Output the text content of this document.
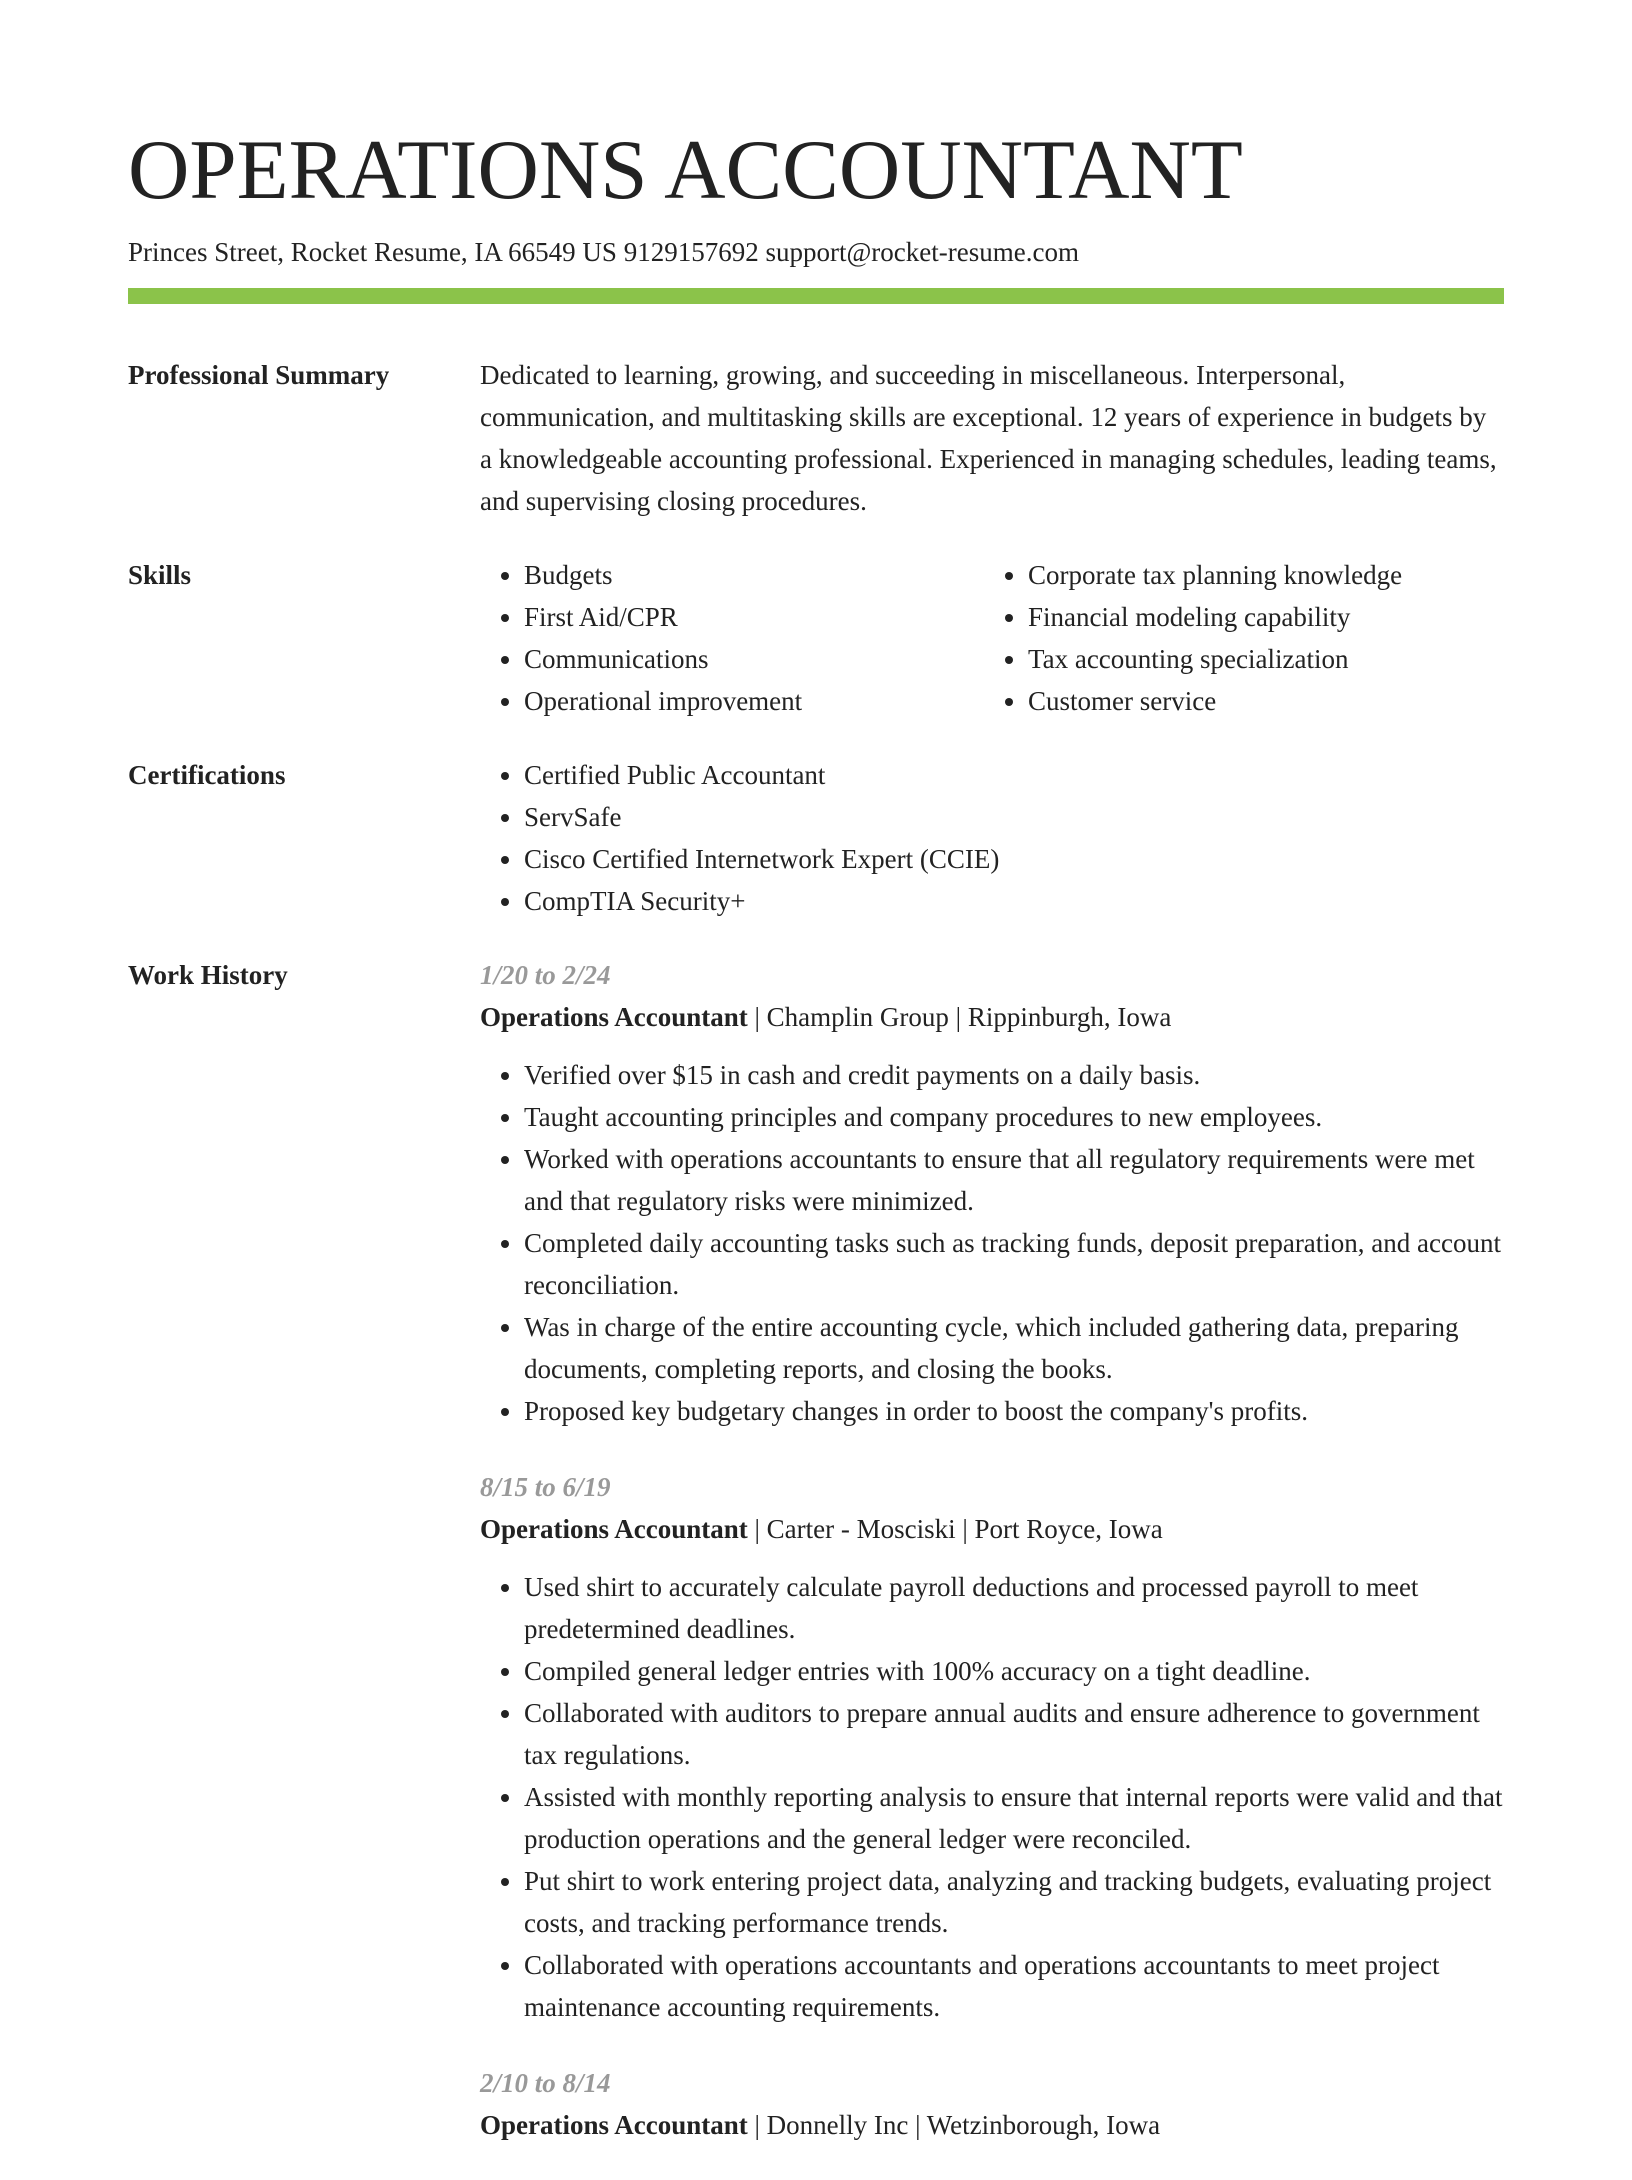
OPERATIONS ACCOUNTANT
Princes Street, Rocket Resume, IA 66549 US 9129157692 support@rocket-resume.com
Professional Summary	Dedicated to learning, growing, and succeeding in miscellaneous. Interpersonal, communication, and multitasking skills are exceptional. 12 years of experience in budgets by a knowledgeable accounting professional. Experienced in managing schedules, leading teams, and supervising closing procedures.
Skills	• Budgets
• First Aid/CPR
• Communications
• Operational improvement
• Corporate tax planning knowledge
• Financial modeling capability
• Tax accounting specialization
• Customer service
Certifications	• Certified Public Accountant
• ServSafe
• Cisco Certified Internetwork Expert (CCIE)
• CompTIA Security+
Work History	1/20 to 2/24
Operations Accountant | Champlin Group | Rippinburgh, Iowa
• Verified over $15 in cash and credit payments on a daily basis.
• Taught accounting principles and company procedures to new employees.
• Worked with operations accountants to ensure that all regulatory requirements were met and that regulatory risks were minimized.
• Completed daily accounting tasks such as tracking funds, deposit preparation, and account reconciliation.
• Was in charge of the entire accounting cycle, which included gathering data, preparing documents, completing reports, and closing the books.
• Proposed key budgetary changes in order to boost the company's profits.
8/15 to 6/19
Operations Accountant | Carter - Mosciski | Port Royce, Iowa
• Used shirt to accurately calculate payroll deductions and processed payroll to meet predetermined deadlines.
• Compiled general ledger entries with 100% accuracy on a tight deadline.
• Collaborated with auditors to prepare annual audits and ensure adherence to government tax regulations.
• Assisted with monthly reporting analysis to ensure that internal reports were valid and that production operations and the general ledger were reconciled.
• Put shirt to work entering project data, analyzing and tracking budgets, evaluating project costs, and tracking performance trends.
• Collaborated with operations accountants and operations accountants to meet project maintenance accounting requirements.
2/10 to 8/14
Operations Accountant | Donnelly Inc | Wetzinborough, Iowa
